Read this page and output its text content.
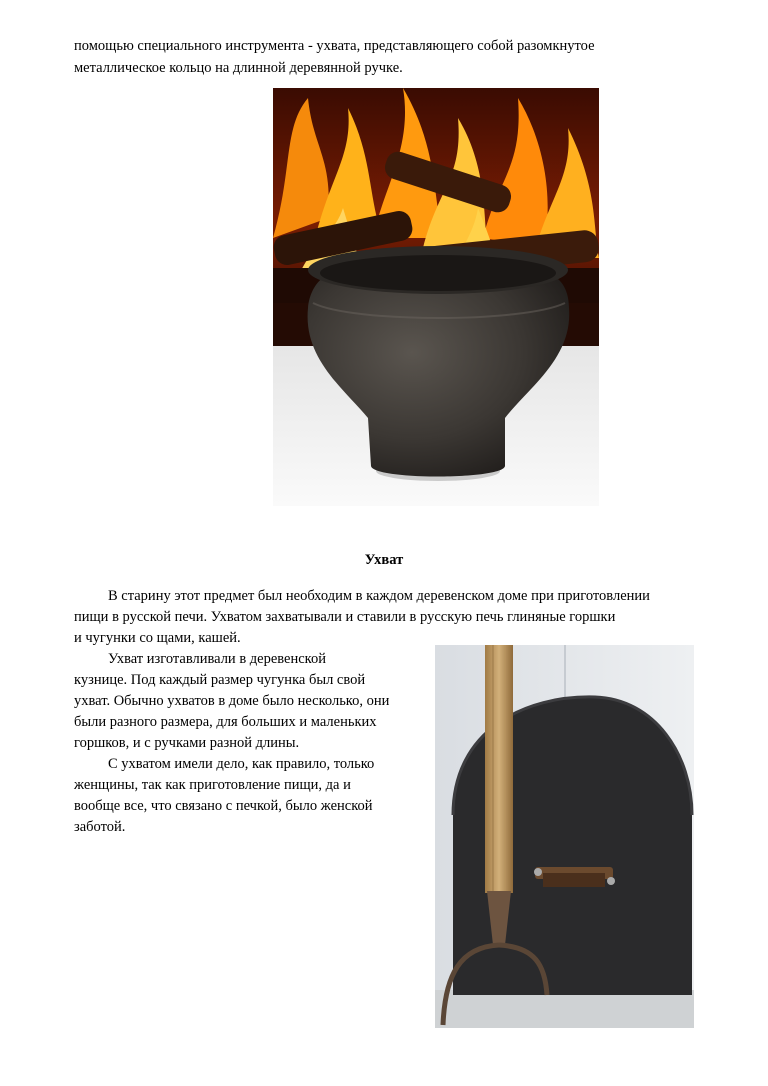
помощью специального инструмента - ухвата, представляющего собой разомкнутое
металлическое кольцо на длинной деревянной ручке.
Ухват
В старину этот предмет был необходим в каждом деревенском доме при приготовлении
пищи в русской печи. Ухватом захватывали и ставили в русскую печь глиняные горшки
и чугунки со щами, кашей.
Ухват изготавливали в деревенской
кузнице. Под каждый размер чугунка был свой
ухват. Обычно ухватов в доме было несколько, они
были разного размера, для больших и маленьких
горшков, и с ручками разной длины.
С ухватом имели дело, как правило, только
женщины, так как приготовление пищи, да и
вообще все, что связано с печкой, было женской
заботой.
